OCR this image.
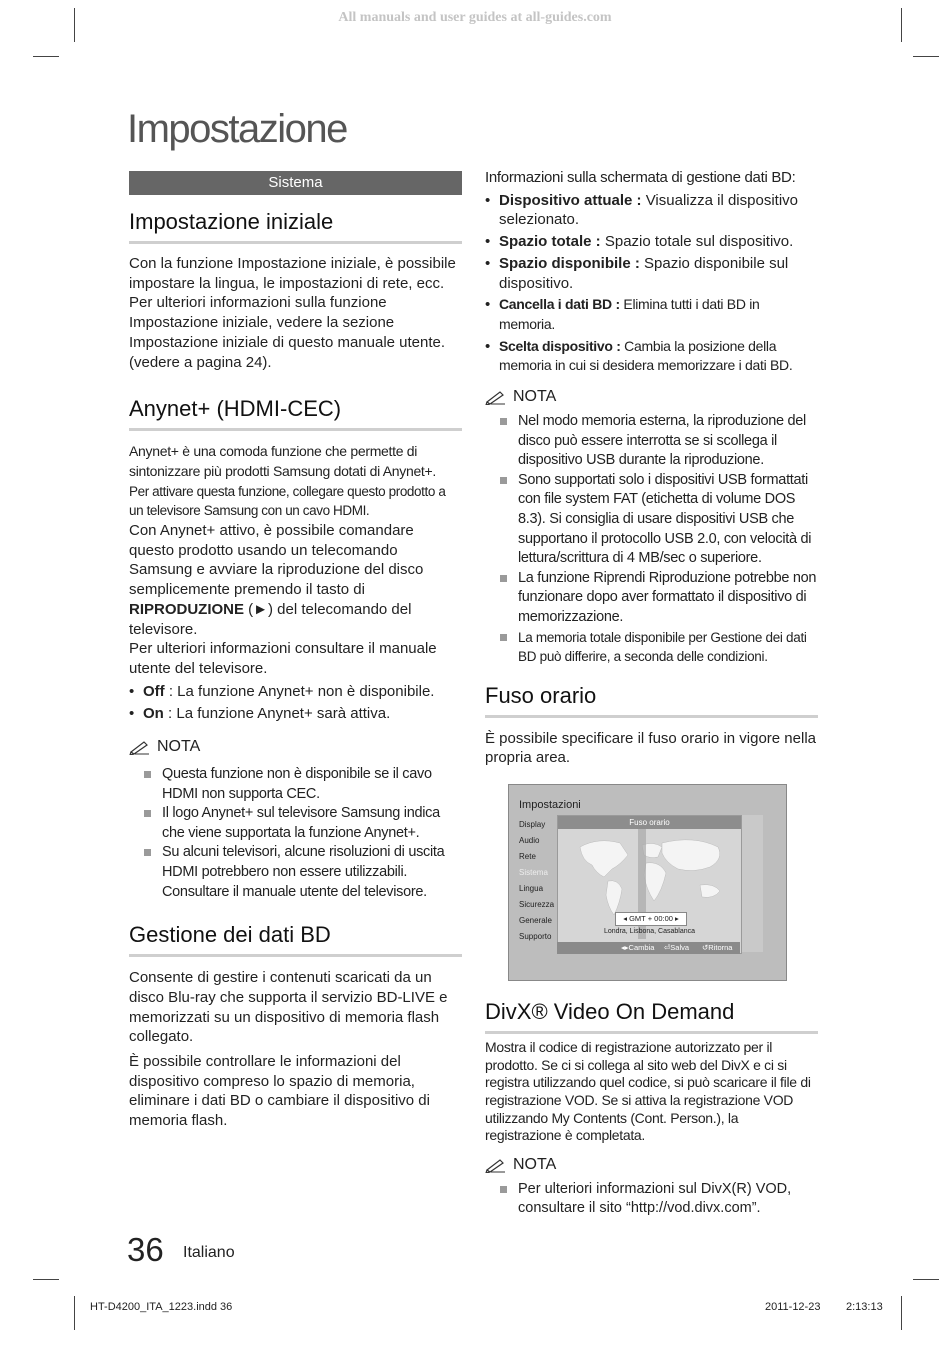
All manuals and user guides at all-guides.com
Impostazione
Sistema
Impostazione iniziale

Con la funzione Impostazione iniziale, è possibile impostare la lingua, le impostazioni di rete, ecc. Per ulteriori informazioni sulla funzione Impostazione iniziale, vedere la sezione Impostazione iniziale di questo manuale utente. (vedere a pagina 24).

Anynet+ (HDMI-CEC)

Anynet+ è una comoda funzione che permette di sintonizzare più prodotti Samsung dotati di Anynet+.

Per attivare questa funzione, collegare questo prodotto a un televisore Samsung con un cavo HDMI.

Con Anynet+ attivo, è possibile comandare questo prodotto usando un telecomando Samsung e avviare la riproduzione del disco semplicemente premendo il tasto di RIPRODUZIONE (►) del telecomando del televisore.

Per ulteriori informazioni consultare il manuale utente del televisore.

• Off : La funzione Anynet+ non è disponibile.
• On : La funzione Anynet+ sarà attiva.
NOTA
Questa funzione non è disponibile se il cavo HDMI non supporta CEC.
Il logo Anynet+ sul televisore Samsung indica che viene supportata la funzione Anynet+.
Su alcuni televisori, alcune risoluzioni di uscita HDMI potrebbero non essere utilizzabili. Consultare il manuale utente del televisore.
Gestione dei dati BD

Consente di gestire i contenuti scaricati da un disco Blu-ray che supporta il servizio BD-LIVE e memorizzati su un dispositivo di memoria flash collegato.

È possibile controllare le informazioni del dispositivo compreso lo spazio di memoria, eliminare i dati BD o cambiare il dispositivo di memoria flash.

Informazioni sulla schermata di gestione dati BD:

• Dispositivo attuale : Visualizza il dispositivo selezionato.
• Spazio totale : Spazio totale sul dispositivo.
• Spazio disponibile : Spazio disponibile sul dispositivo.
• Cancella i dati BD : Elimina tutti i dati BD in memoria.
• Scelta dispositivo : Cambia la posizione della memoria in cui si desidera memorizzare i dati BD.
NOTA
Nel modo memoria esterna, la riproduzione del disco può essere interrotta se si scollega il dispositivo USB durante la riproduzione.
Sono supportati solo i dispositivi USB formattati con file system FAT (etichetta di volume DOS 8.3). Si consiglia di usare dispositivi USB che supportano il protocollo USB 2.0, con velocità di lettura/scrittura di 4 MB/sec o superiore.
La funzione Riprendi Riproduzione potrebbe non funzionare dopo aver formattato il dispositivo di memorizzazione.
La memoria totale disponibile per Gestione dei dati BD può differire, a seconda delle condizioni.
Fuso orario

È possibile specificare il fuso orario in vigore nella propria area.

Impostazioni
Display
Audio
Rete
Sistema
Lingua
Sicurezza
Generale
Supporto
Fuso orario
◂ GMT + 00:00 ▸
Londra, Lisbona, Casablanca
◂▸ Cambia ⏎ Salva ↺ Ritorna
DivX® Video On Demand

Mostra il codice di registrazione autorizzato per il prodotto. Se ci si collega al sito web del DivX e ci si registra utilizzando quel codice, si può scaricare il file di registrazione VOD. Se si attiva la registrazione VOD utilizzando My Contents (Cont. Person.), la registrazione è completata.

NOTA
Per ulteriori informazioni sul DivX(R) VOD, consultare il sito “http://vod.divx.com”.
36 Italiano
HT-D4200_ITA_1223.indd 36	2011-12-23 2:13:13
